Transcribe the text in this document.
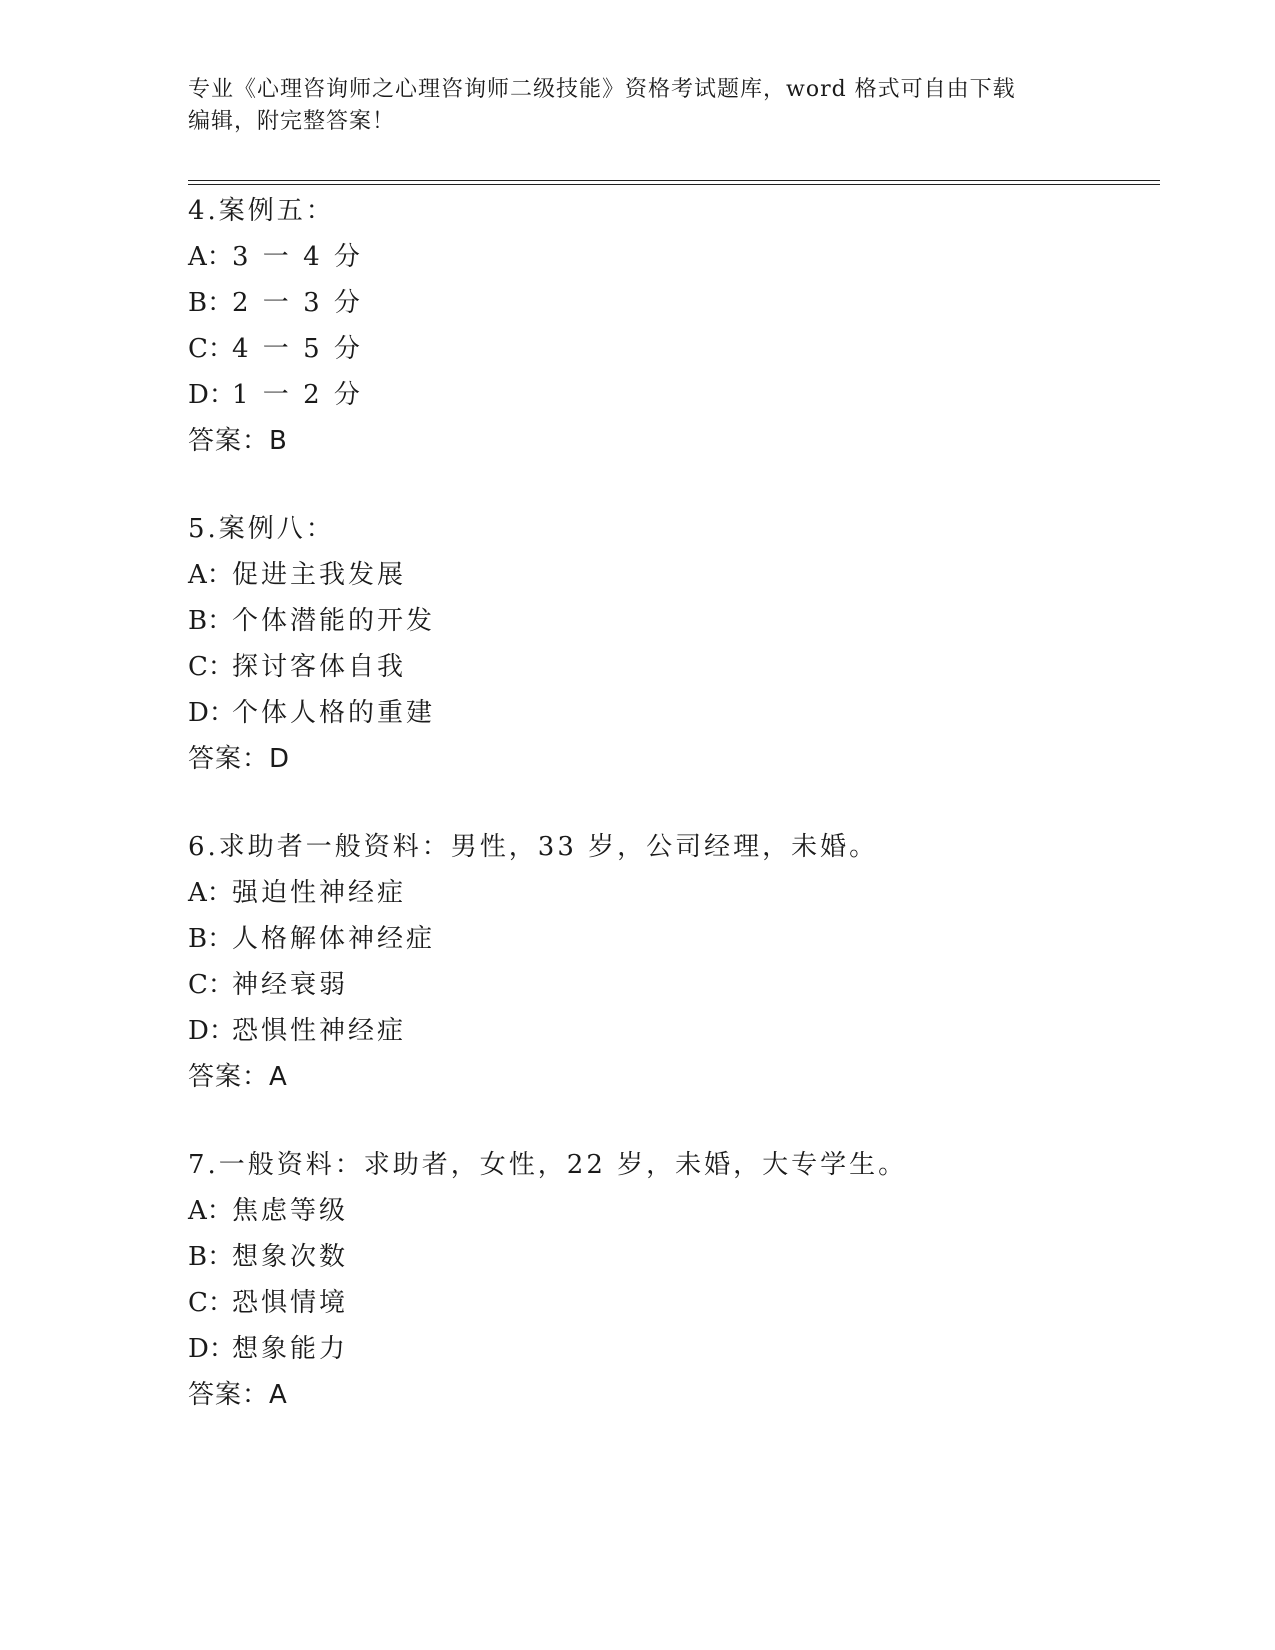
专业《心理咨询师之心理咨询师二级技能》资格考试题库，word 格式可自由下载
编辑，附完整答案！
4.案例五：
A：3 一 4 分
B：2 一 3 分
C：4 一 5 分
D：1 一 2 分
答案：B
5.案例八：
A：促进主我发展
B：个体潜能的开发
C：探讨客体自我
D：个体人格的重建
答案：D
6.求助者一般资料：男性，33 岁，公司经理，未婚。
A：强迫性神经症
B：人格解体神经症
C：神经衰弱
D：恐惧性神经症
答案：A
7.一般资料：求助者，女性，22 岁，未婚，大专学生。
A：焦虑等级
B：想象次数
C：恐惧情境
D：想象能力
答案：A
